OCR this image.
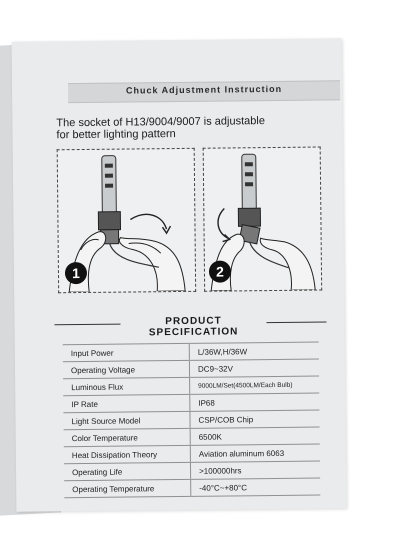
Chuck Adjustment Instruction
The socket of H13/9004/9007 is adjustable
for better lighting pattern
1	2
PRODUCT SPECIFICATION
Input Power	L/36W,H/36W
Operating Voltage	DC9~32V
Luminous Flux	9000LM/Set(4500LM/Each Bulb)
IP Rate	IP68
Light Source Model	CSP/COB Chip
Color Temperature	6500K
Heat Dissipation Theory	Aviation aluminum 6063
Operating Life	>100000hrs
Operating Temperature	-40°C~+80°C
